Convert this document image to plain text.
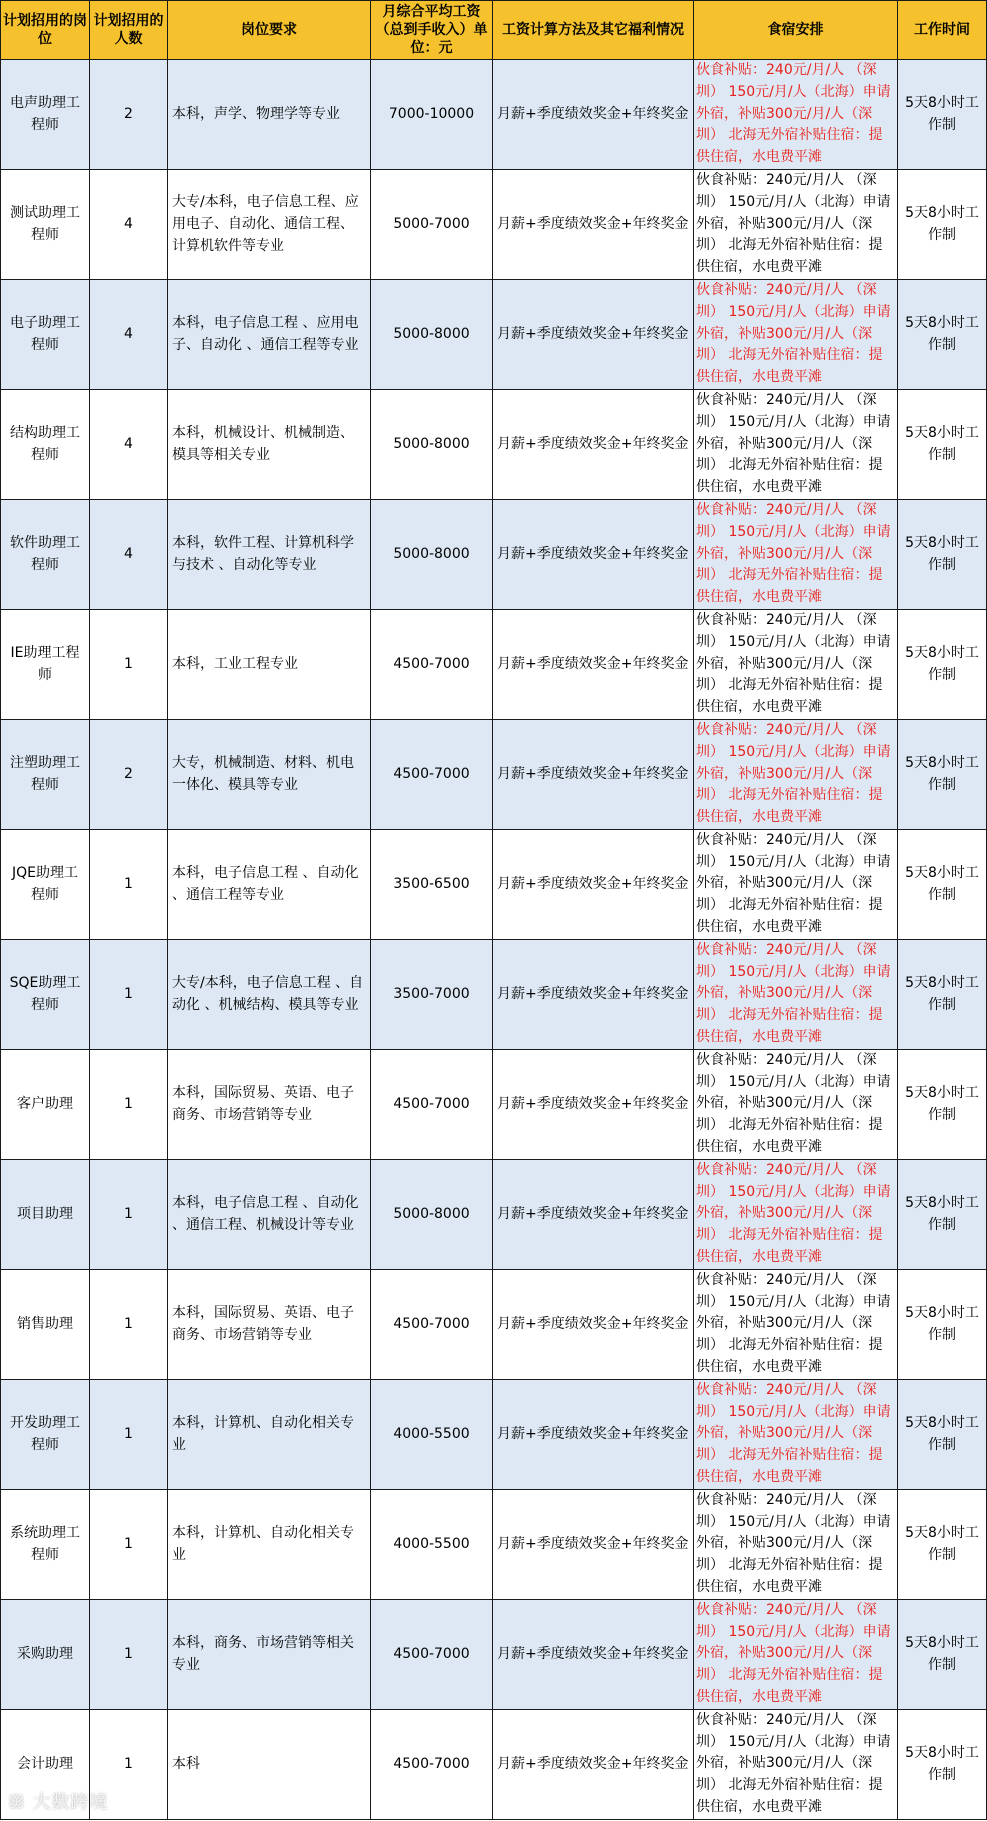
计划招用的岗位	计划招用的人数	岗位要求	月综合平均工资（总到手收入）单位：元	工资计算方法及其它福利情况	食宿安排	工作时间

电声助理工程师	2	本科，声学、物理学等专业	7000-10000	月薪+季度绩效奖金+年终奖金	伙食补贴：240元/月/人 （深圳） 150元/月/人（北海）申请外宿，补贴300元/月/人（深圳） 北海无外宿补贴住宿：提供住宿，水电费平滩	5天8小时工作制
测试助理工程师	4	大专/本科，电子信息工程、应用电子、自动化、通信工程、计算机软件等专业	5000-7000	月薪+季度绩效奖金+年终奖金	伙食补贴：240元/月/人 （深圳） 150元/月/人（北海）申请外宿，补贴300元/月/人（深圳） 北海无外宿补贴住宿：提供住宿，水电费平滩	5天8小时工作制
电子助理工程师	4	本科，电子信息工程 、应用电子、自动化 、通信工程等专业	5000-8000	月薪+季度绩效奖金+年终奖金	伙食补贴：240元/月/人 （深圳） 150元/月/人（北海）申请外宿，补贴300元/月/人（深圳） 北海无外宿补贴住宿：提供住宿，水电费平滩	5天8小时工作制
结构助理工程师	4	本科，机械设计、机械制造、模具等相关专业	5000-8000	月薪+季度绩效奖金+年终奖金	伙食补贴：240元/月/人 （深圳） 150元/月/人（北海）申请外宿，补贴300元/月/人（深圳） 北海无外宿补贴住宿：提供住宿，水电费平滩	5天8小时工作制
软件助理工程师	4	本科，软件工程、计算机科学与技术 、自动化等专业	5000-8000	月薪+季度绩效奖金+年终奖金	伙食补贴：240元/月/人 （深圳） 150元/月/人（北海）申请外宿，补贴300元/月/人（深圳） 北海无外宿补贴住宿：提供住宿，水电费平滩	5天8小时工作制
IE助理工程师	1	本科，工业工程专业	4500-7000	月薪+季度绩效奖金+年终奖金	伙食补贴：240元/月/人 （深圳） 150元/月/人（北海）申请外宿，补贴300元/月/人（深圳） 北海无外宿补贴住宿：提供住宿，水电费平滩	5天8小时工作制
注塑助理工程师	2	大专，机械制造、材料、机电一体化、模具等专业	4500-7000	月薪+季度绩效奖金+年终奖金	伙食补贴：240元/月/人 （深圳） 150元/月/人（北海）申请外宿，补贴300元/月/人（深圳） 北海无外宿补贴住宿：提供住宿，水电费平滩	5天8小时工作制
JQE助理工程师	1	本科，电子信息工程 、自动化 、通信工程等专业	3500-6500	月薪+季度绩效奖金+年终奖金	伙食补贴：240元/月/人 （深圳） 150元/月/人（北海）申请外宿，补贴300元/月/人（深圳） 北海无外宿补贴住宿：提供住宿，水电费平滩	5天8小时工作制
SQE助理工程师	1	大专/本科，电子信息工程 、自动化 、机械结构、模具等专业	3500-7000	月薪+季度绩效奖金+年终奖金	伙食补贴：240元/月/人 （深圳） 150元/月/人（北海）申请外宿，补贴300元/月/人（深圳） 北海无外宿补贴住宿：提供住宿，水电费平滩	5天8小时工作制
客户助理	1	本科，国际贸易、英语、电子商务、市场营销等专业	4500-7000	月薪+季度绩效奖金+年终奖金	伙食补贴：240元/月/人 （深圳） 150元/月/人（北海）申请外宿，补贴300元/月/人（深圳） 北海无外宿补贴住宿：提供住宿，水电费平滩	5天8小时工作制
项目助理	1	本科，电子信息工程 、自动化 、通信工程、机械设计等专业	5000-8000	月薪+季度绩效奖金+年终奖金	伙食补贴：240元/月/人 （深圳） 150元/月/人（北海）申请外宿，补贴300元/月/人（深圳） 北海无外宿补贴住宿：提供住宿，水电费平滩	5天8小时工作制
销售助理	1	本科，国际贸易、英语、电子商务、市场营销等专业	4500-7000	月薪+季度绩效奖金+年终奖金	伙食补贴：240元/月/人 （深圳） 150元/月/人（北海）申请外宿，补贴300元/月/人（深圳） 北海无外宿补贴住宿：提供住宿，水电费平滩	5天8小时工作制
开发助理工程师	1	本科，计算机、自动化相关专业	4000-5500	月薪+季度绩效奖金+年终奖金	伙食补贴：240元/月/人 （深圳） 150元/月/人（北海）申请外宿，补贴300元/月/人（深圳） 北海无外宿补贴住宿：提供住宿，水电费平滩	5天8小时工作制
系统助理工程师	1	本科，计算机、自动化相关专业	4000-5500	月薪+季度绩效奖金+年终奖金	伙食补贴：240元/月/人 （深圳） 150元/月/人（北海）申请外宿，补贴300元/月/人（深圳） 北海无外宿补贴住宿：提供住宿，水电费平滩	5天8小时工作制
采购助理	1	本科，商务、市场营销等相关专业	4500-7000	月薪+季度绩效奖金+年终奖金	伙食补贴：240元/月/人 （深圳） 150元/月/人（北海）申请外宿，补贴300元/月/人（深圳） 北海无外宿补贴住宿：提供住宿，水电费平滩	5天8小时工作制
会计助理	1	本科	4500-7000	月薪+季度绩效奖金+年终奖金	伙食补贴：240元/月/人 （深圳） 150元/月/人（北海）申请外宿，补贴300元/月/人（深圳） 北海无外宿补贴住宿：提供住宿，水电费平滩	5天8小时工作制
ꕥ 大数跨境
